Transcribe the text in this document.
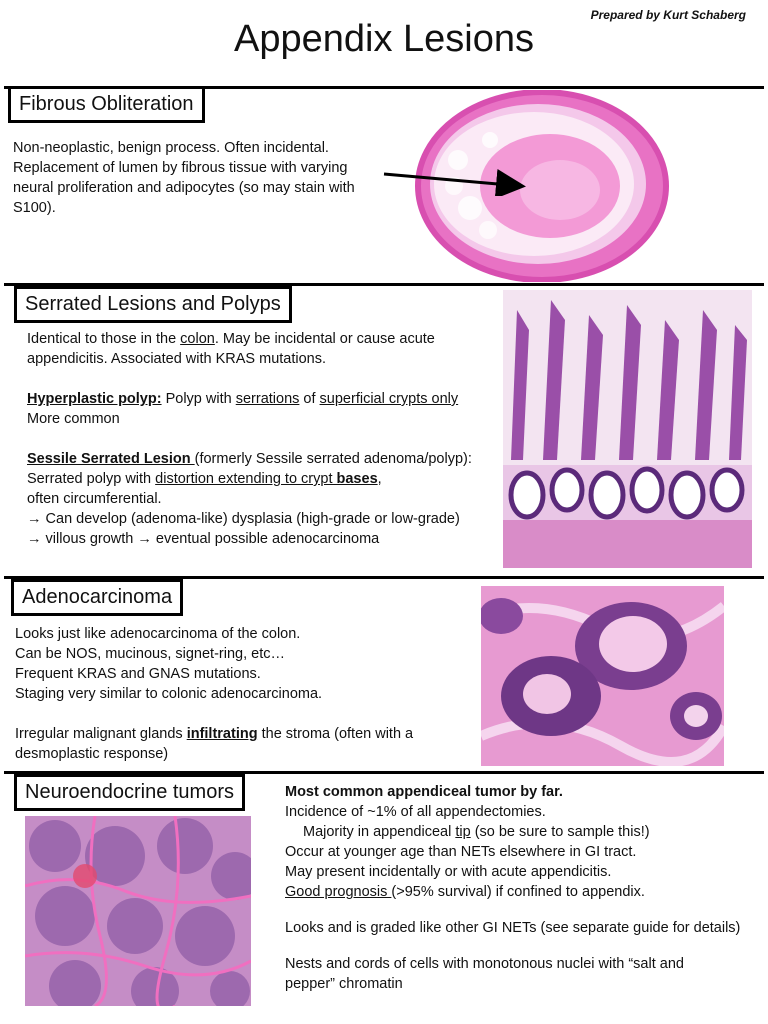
Prepared by Kurt Schaberg
Appendix Lesions
Fibrous Obliteration

Non-neoplastic, benign process. Often incidental.

Replacement of lumen by fibrous tissue with varying

neural proliferation and adipocytes (so may stain with

S100).

Serrated Lesions and Polyps

Identical to those in the colon. May be incidental or cause acute

appendicitis. Associated with KRAS mutations.

Hyperplastic polyp: Polyp with serrations of superficial crypts only

More common

Sessile Serrated Lesion (formerly Sessile serrated adenoma/polyp):

Serrated polyp with distortion extending to crypt bases,

often circumferential.

→ Can develop (adenoma-like) dysplasia (high-grade or low-grade)

→ villous growth → eventual possible adenocarcinoma

Adenocarcinoma

Looks just like adenocarcinoma of the colon.

Can be NOS, mucinous, signet-ring, etc…

Frequent KRAS and GNAS mutations.

Staging very similar to colonic adenocarcinoma.

Irregular malignant glands infiltrating the stroma (often with a

desmoplastic response)

Neuroendocrine tumors	Most common appendiceal tumor by far.

Incidence of ~1% of all appendectomies.

Majority in appendiceal tip (so be sure to sample this!)

Occur at younger age than NETs elsewhere in GI tract.

May present incidentally or with acute appendicitis.

Good prognosis (>95% survival) if confined to appendix.

Looks and is graded like other GI NETs (see separate guide for details)

Nests and cords of cells with monotonous nuclei with “salt and

pepper” chromatin
